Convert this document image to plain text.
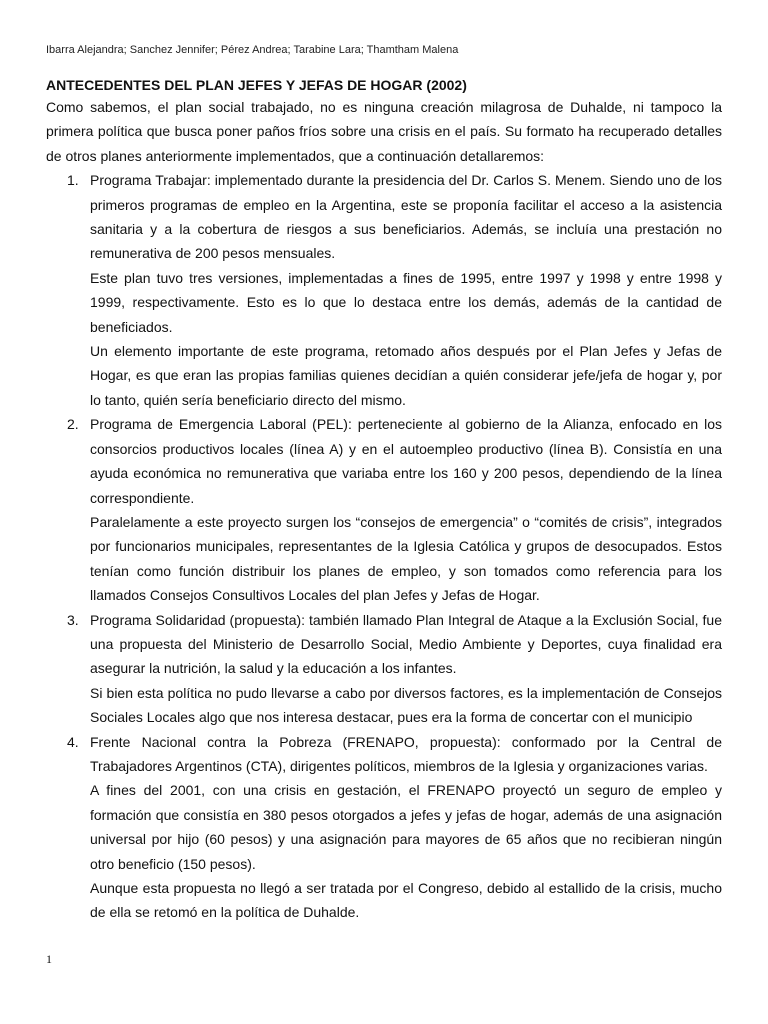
Ibarra Alejandra; Sanchez Jennifer; Pérez Andrea; Tarabine Lara; Thamtham Malena
ANTECEDENTES DEL PLAN JEFES Y JEFAS DE HOGAR (2002)

Como sabemos, el plan social trabajado, no es ninguna creación milagrosa de Duhalde, ni tampoco la primera política que busca poner paños fríos sobre una crisis en el país. Su formato ha recuperado detalles de otros planes anteriormente implementados, que a continuación detallaremos:

1. Programa Trabajar: implementado durante la presidencia del Dr. Carlos S. Menem. Siendo uno de los primeros programas de empleo en la Argentina, este se proponía facilitar el acceso a la asistencia sanitaria y a la cobertura de riesgos a sus beneficiarios. Además, se incluía una prestación no remunerativa de 200 pesos mensuales.

Este plan tuvo tres versiones, implementadas a fines de 1995, entre 1997 y 1998 y entre 1998 y 1999, respectivamente. Esto es lo que lo destaca entre los demás, además de la cantidad de beneficiados.

Un elemento importante de este programa, retomado años después por el Plan Jefes y Jefas de Hogar, es que eran las propias familias quienes decidían a quién considerar jefe/jefa de hogar y, por lo tanto, quién sería beneficiario directo del mismo.

2. Programa de Emergencia Laboral (PEL): perteneciente al gobierno de la Alianza, enfocado en los consorcios productivos locales (línea A) y en el autoempleo productivo (línea B). Consistía en una ayuda económica no remunerativa que variaba entre los 160 y 200 pesos, dependiendo de la línea correspondiente.

Paralelamente a este proyecto surgen los “consejos de emergencia” o “comités de crisis”, integrados por funcionarios municipales, representantes de la Iglesia Católica y grupos de desocupados. Estos tenían como función distribuir los planes de empleo, y son tomados como referencia para los llamados Consejos Consultivos Locales del plan Jefes y Jefas de Hogar.

3. Programa Solidaridad (propuesta): también llamado Plan Integral de Ataque a la Exclusión Social, fue una propuesta del Ministerio de Desarrollo Social, Medio Ambiente y Deportes, cuya finalidad era asegurar la nutrición, la salud y la educación a los infantes.

Si bien esta política no pudo llevarse a cabo por diversos factores, es la implementación de Consejos Sociales Locales algo que nos interesa destacar, pues era la forma de concertar con el municipio

4. Frente Nacional contra la Pobreza (FRENAPO, propuesta): conformado por la Central de Trabajadores Argentinos (CTA), dirigentes políticos, miembros de la Iglesia y organizaciones varias.

A fines del 2001, con una crisis en gestación, el FRENAPO proyectó un seguro de empleo y formación que consistía en 380 pesos otorgados a jefes y jefas de hogar, además de una asignación universal por hijo (60 pesos) y una asignación para mayores de 65 años que no recibieran ningún otro beneficio (150 pesos).

Aunque esta propuesta no llegó a ser tratada por el Congreso, debido al estallido de la crisis, mucho de ella se retomó en la política de Duhalde.

1
